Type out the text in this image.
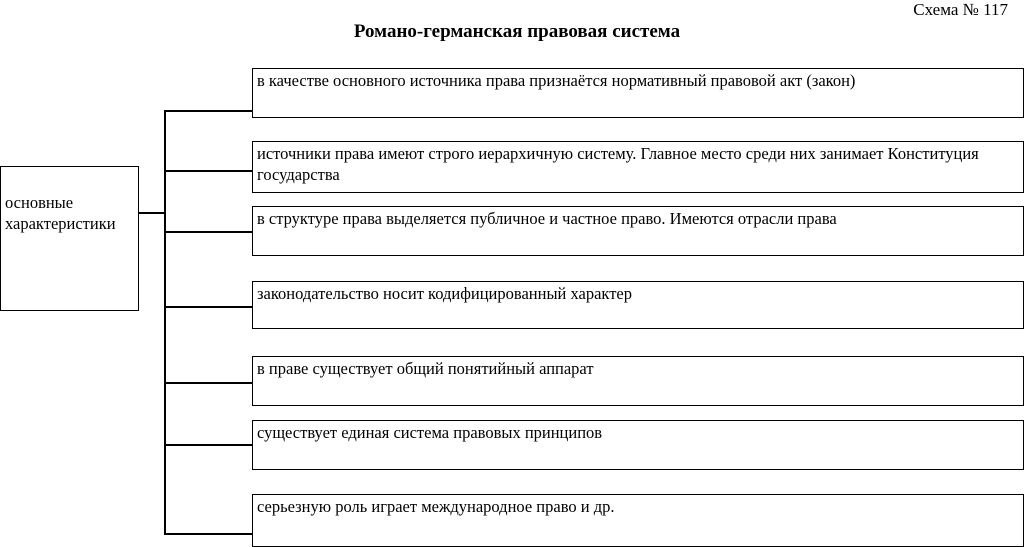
Схема № 117
Романо-германская правовая система
основные характеристики
в качестве основного источника права признаётся нормативный правовой акт (закон)
источники права имеют строго иерархичную систему. Главное место среди них занимает Конституция государства
в структуре права выделяется публичное и частное право. Имеются отрасли права
законодательство носит кодифицированный характер
в праве существует общий понятийный аппарат
существует единая система правовых принципов
серьезную роль играет международное право и др.
